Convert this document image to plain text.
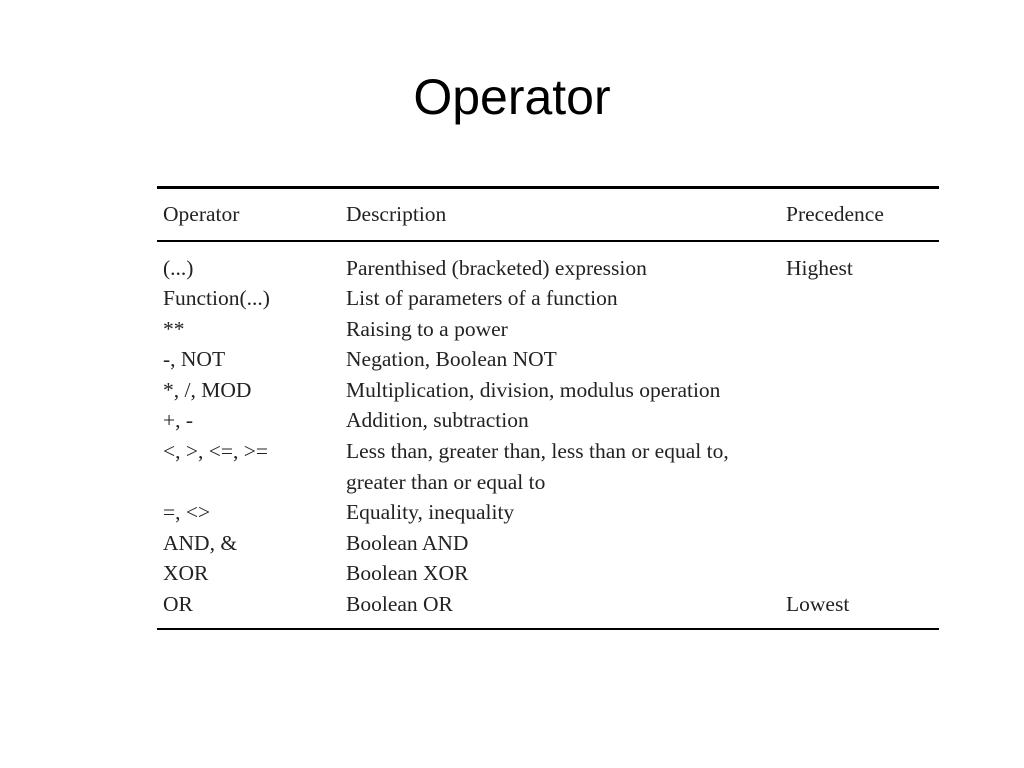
Operator
Operator	Description	Precedence
(...)	Parenthised (bracketed) expression	Highest
Function(...)	List of parameters of a function	
**	Raising to a power	
-, NOT	Negation, Boolean NOT	
*, /, MOD	Multiplication, division, modulus operation	
+, -	Addition, subtraction	
<, >, <=, >=	Less than, greater than, less than or equal to, greater than or equal to	
=, <>	Equality, inequality	
AND, &	Boolean AND	
XOR	Boolean XOR	
OR	Boolean OR	Lowest
